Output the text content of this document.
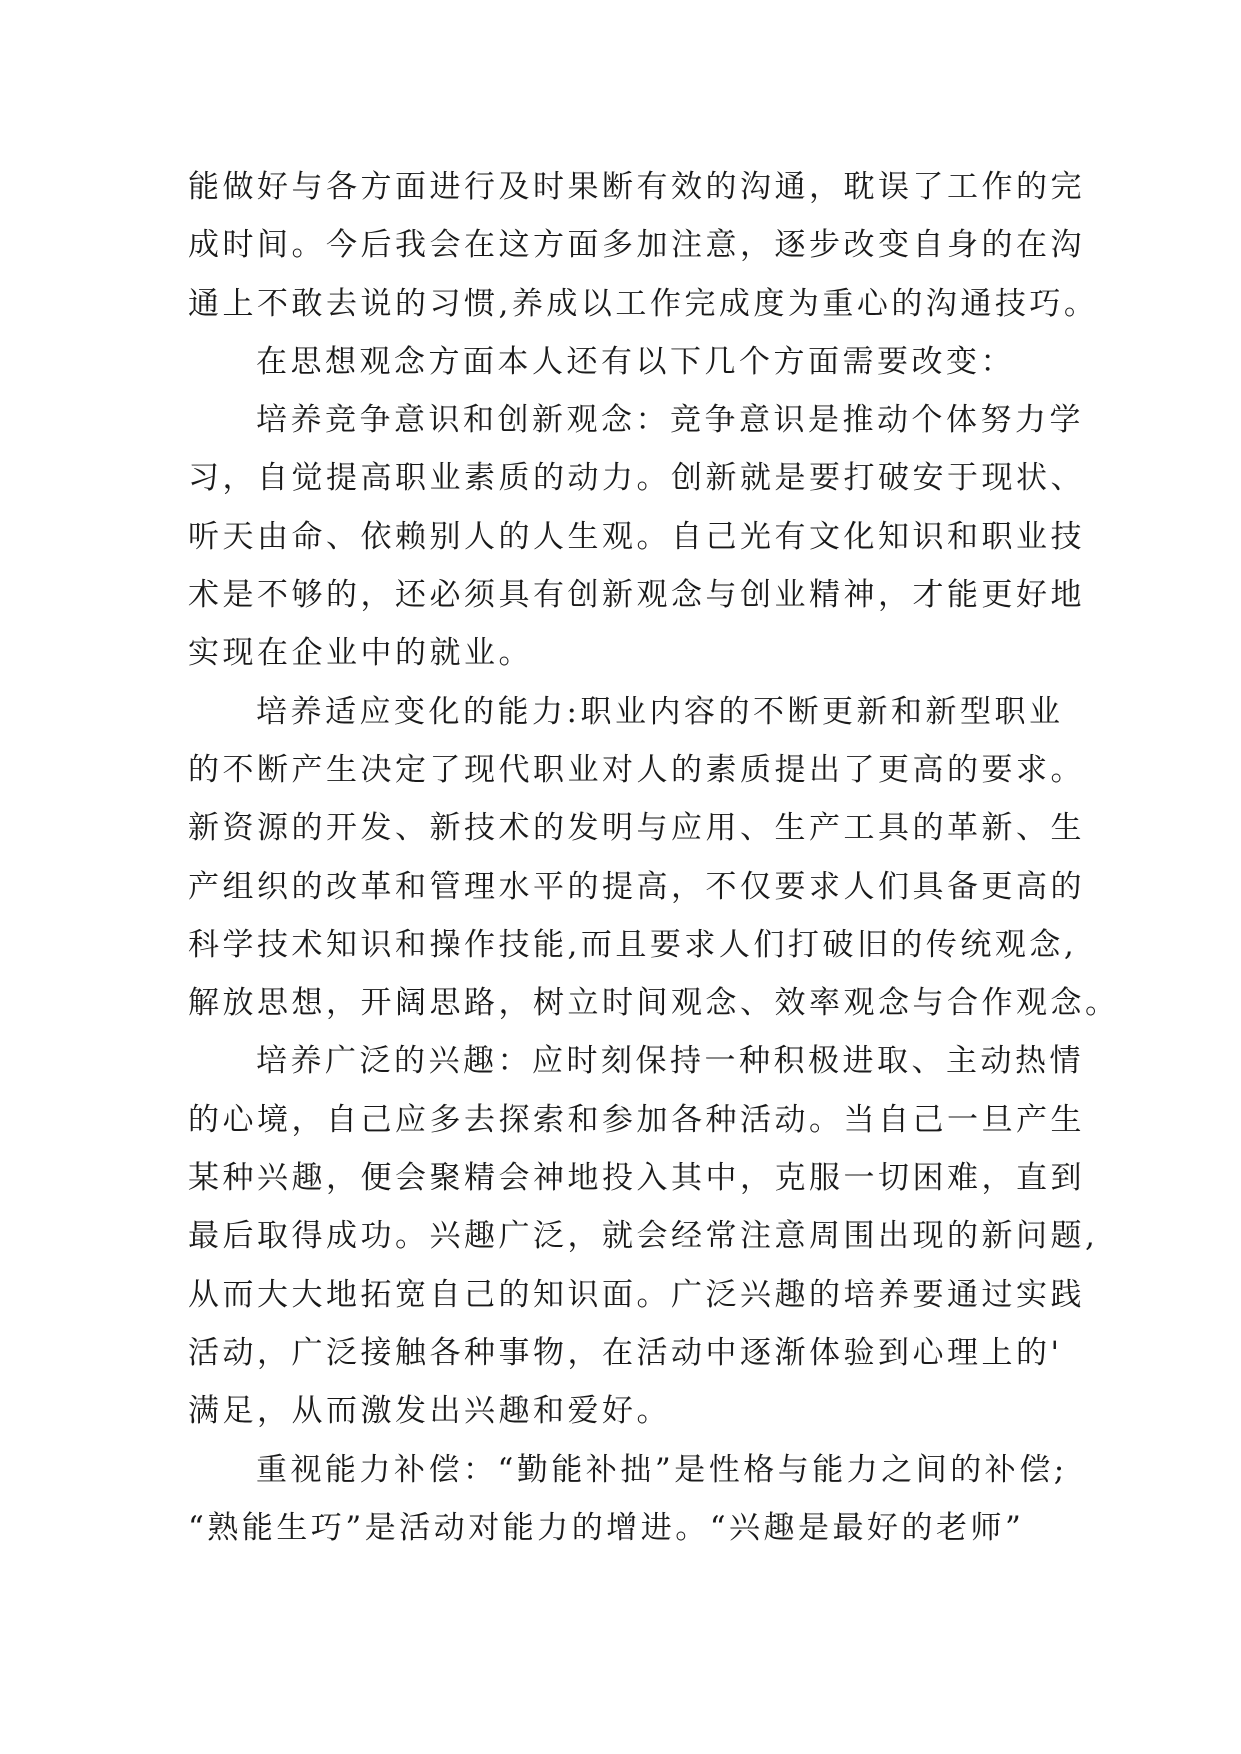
能做好与各方面进行及时果断有效的沟通，耽误了工作的完
成时间。今后我会在这方面多加注意，逐步改变自身的在沟
通上不敢去说的习惯,养成以工作完成度为重心的沟通技巧。
在思想观念方面本人还有以下几个方面需要改变：
培养竞争意识和创新观念：竞争意识是推动个体努力学
习，自觉提高职业素质的动力。创新就是要打破安于现状、
听天由命、依赖别人的人生观。自己光有文化知识和职业技
术是不够的，还必须具有创新观念与创业精神，才能更好地
实现在企业中的就业。
培养适应变化的能力:职业内容的不断更新和新型职业
的不断产生决定了现代职业对人的素质提出了更高的要求。
新资源的开发、新技术的发明与应用、生产工具的革新、生
产组织的改革和管理水平的提高，不仅要求人们具备更高的
科学技术知识和操作技能,而且要求人们打破旧的传统观念,
解放思想，开阔思路，树立时间观念、效率观念与合作观念。
培养广泛的兴趣：应时刻保持一种积极进取、主动热情
的心境，自己应多去探索和参加各种活动。当自己一旦产生
某种兴趣，便会聚精会神地投入其中，克服一切困难，直到
最后取得成功。兴趣广泛，就会经常注意周围出现的新问题,
从而大大地拓宽自己的知识面。广泛兴趣的培养要通过实践
活动，广泛接触各种事物，在活动中逐渐体验到心理上的'
满足，从而激发出兴趣和爱好。
重视能力补偿：“勤能补拙”是性格与能力之间的补偿;
“熟能生巧”是活动对能力的增进。“兴趣是最好的老师”
